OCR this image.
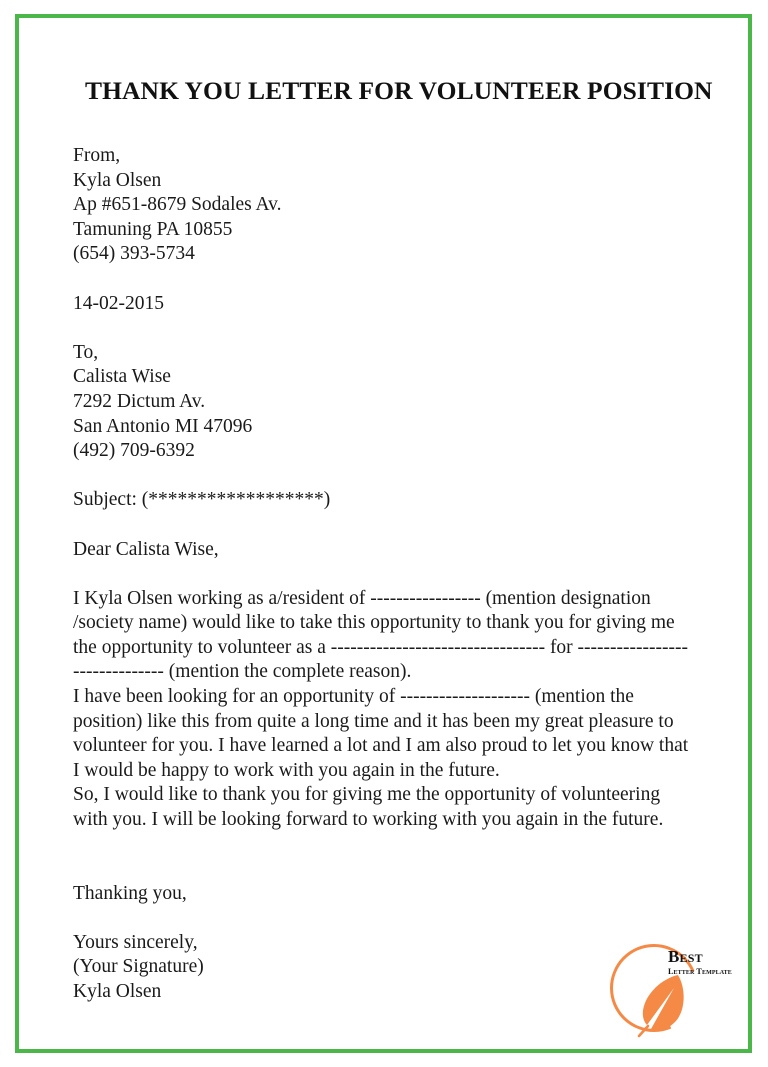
THANK YOU LETTER FOR VOLUNTEER POSITION
From,
Kyla Olsen
Ap #651-8679 Sodales Av.
Tamuning PA 10855
(654) 393-5734
14-02-2015
To,
Calista Wise
7292 Dictum Av.
San Antonio MI 47096
(492) 709-6392
Subject: (******************)
Dear Calista Wise,
I Kyla Olsen working as a/resident of ----------------- (mention designation /society name) would like to take this opportunity to thank you for giving me the opportunity to volunteer as a --------------------------------- for ------------------------------- (mention the complete reason).
I have been looking for an opportunity of -------------------- (mention the position) like this from quite a long time and it has been my great pleasure to volunteer for you. I have learned a lot and I am also proud to let you know that I would be happy to work with you again in the future.
So, I would like to thank you for giving me the opportunity of volunteering with you. I will be looking forward to working with you again in the future.
Thanking you,
Yours sincerely,
(Your Signature)
Kyla Olsen
Best
Letter Template
